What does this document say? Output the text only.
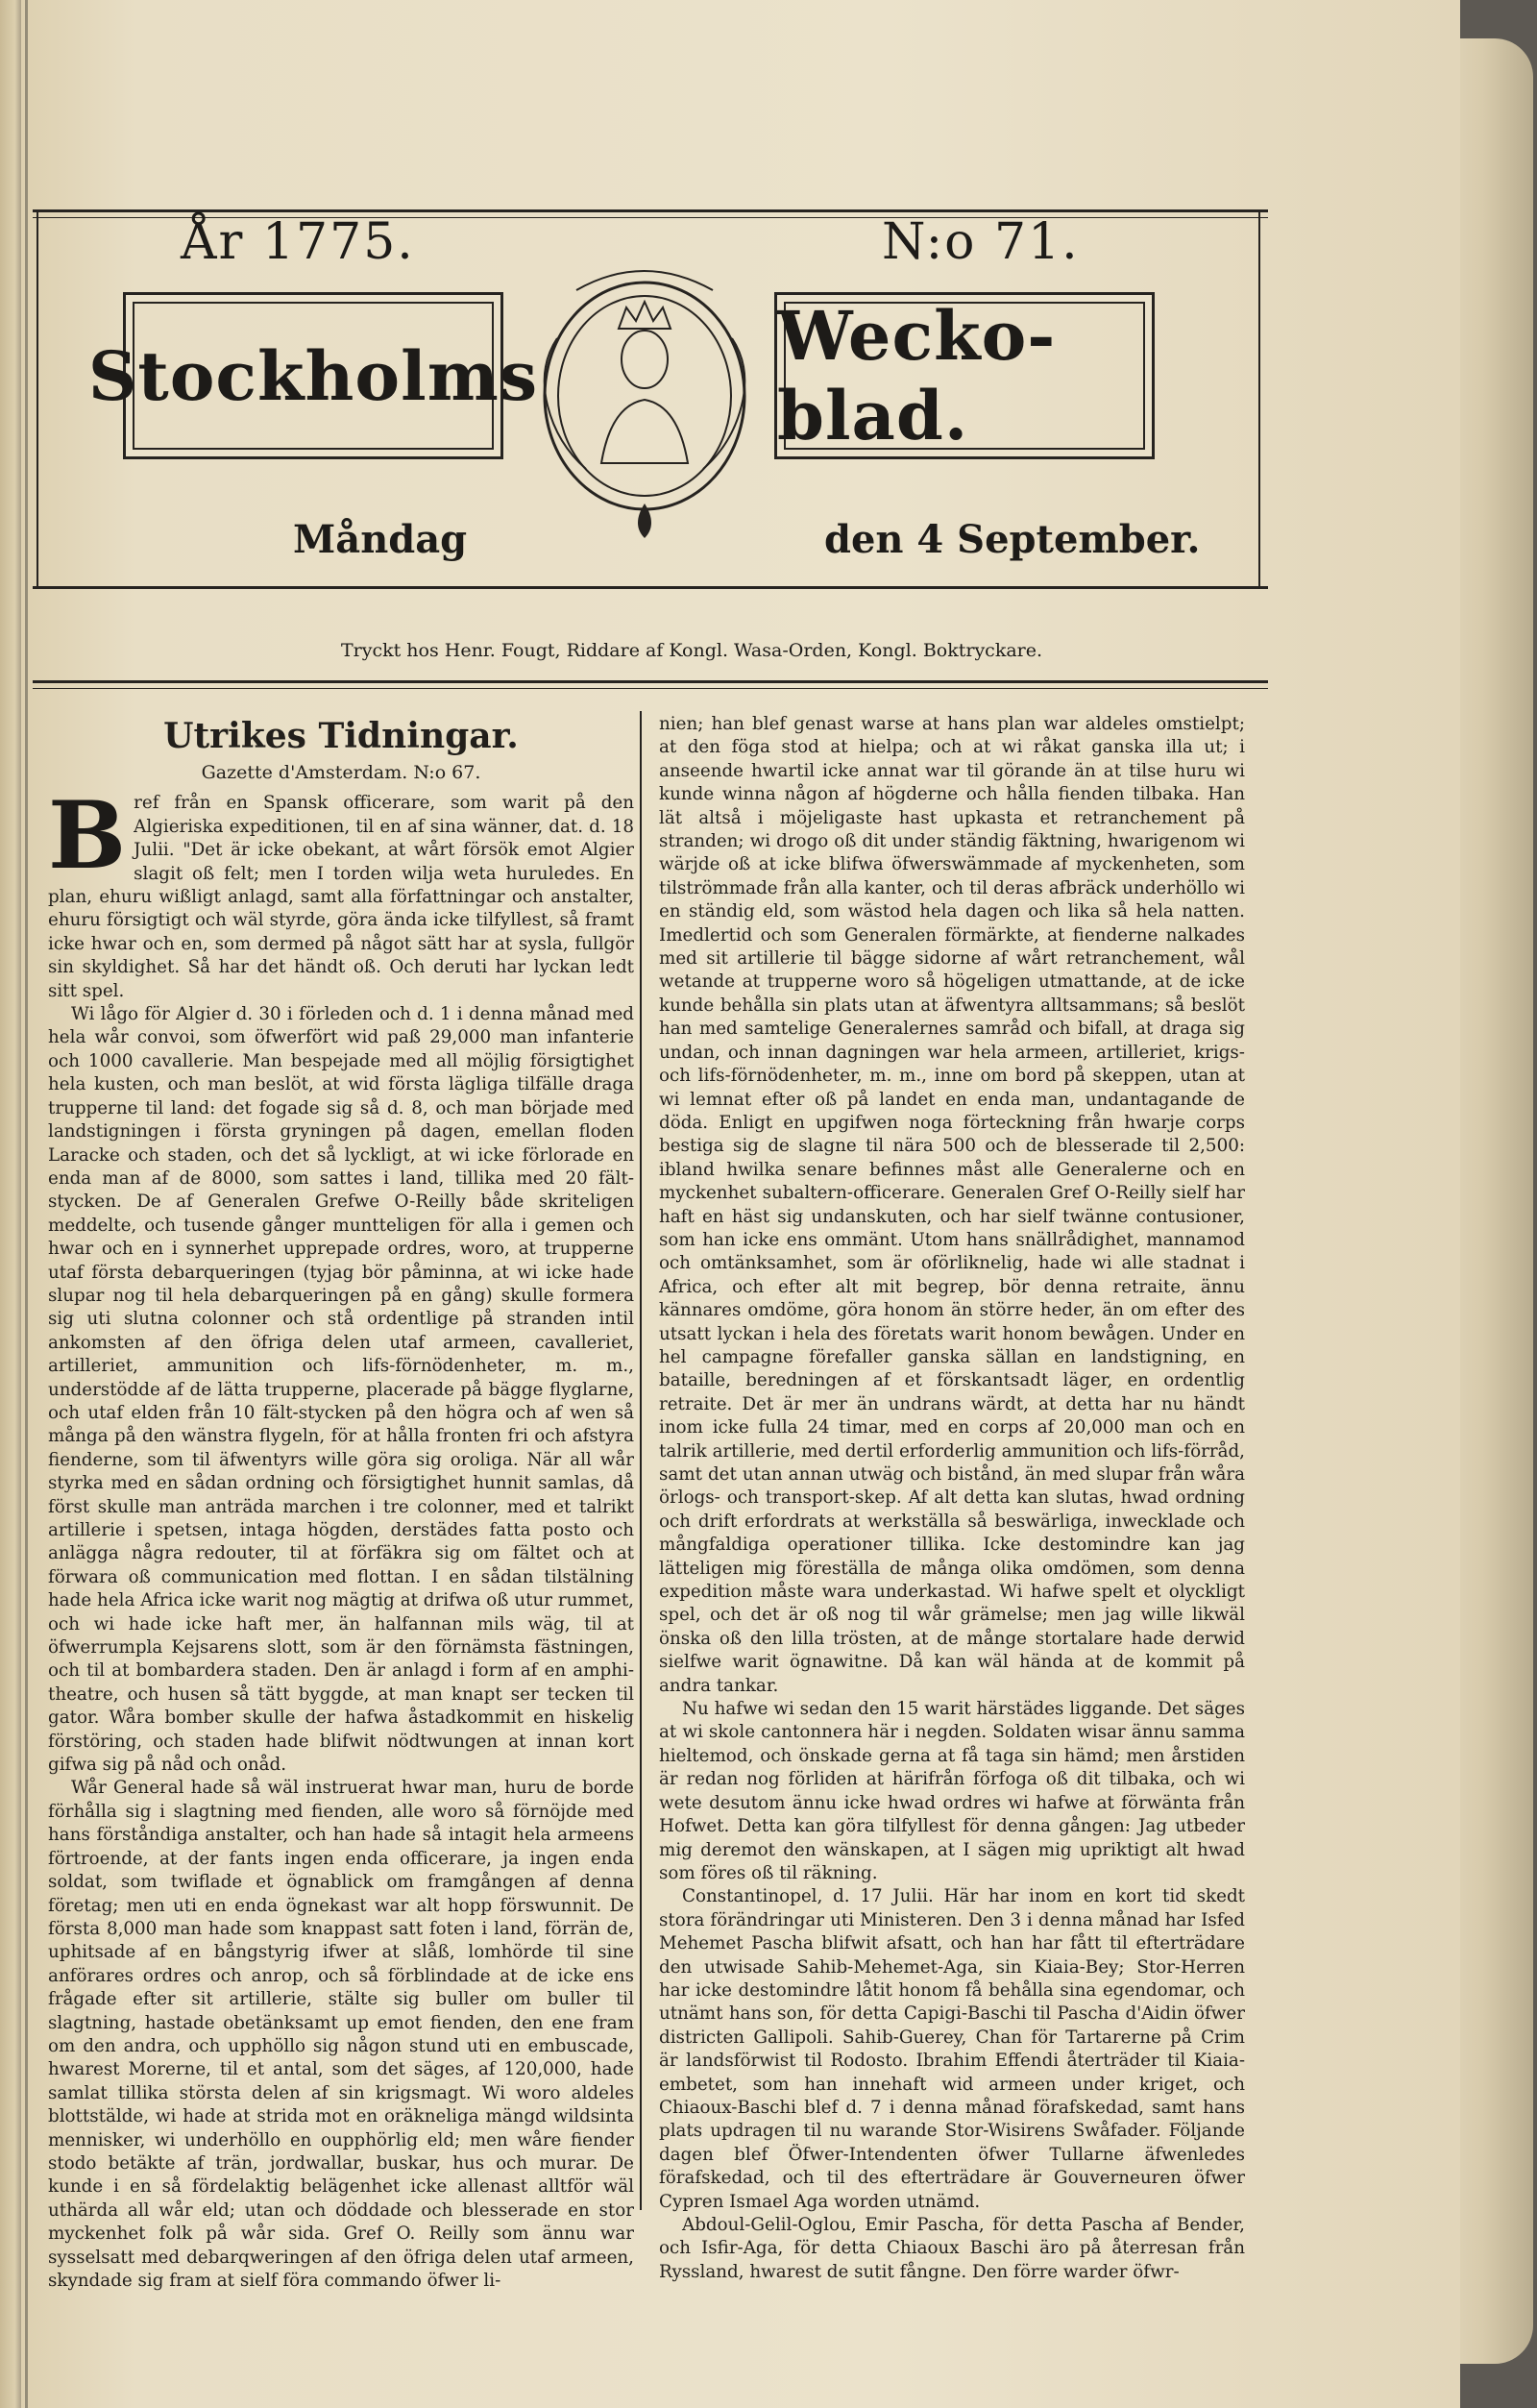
År 1775.	N:o 71.
Stockholms	Wecko-blad.
Måndag	den 4 September.
Tryckt hos Henr. Fougt, Riddare af Kongl. Wasa-Orden, Kongl. Boktryckare.
Utrikes Tidningar.
Gazette d'Amsterdam. N:o 67.

Bref från en Spansk officerare, som warit på den Algieriska expeditionen, til en af sina wänner, dat. d. 18 Julii. "Det är icke obekant, at wårt försök emot Algier slagit oß felt; men I torden wilja weta huruledes. En plan, ehuru wißligt anlagd, samt alla författningar och anstalter, ehuru försigtigt och wäl styrde, göra ända icke tilfyllest, så framt icke hwar och en, som dermed på något sätt har at sysla, fullgör sin skyldighet. Så har det händt oß. Och deruti har lyckan ledt sitt spel.

Wi lågo för Algier d. 30 i förleden och d. 1 i denna månad med hela wår convoi, som öfwerfört wid paß 29,000 man infanterie och 1000 cavallerie. Man bespejade med all möjlig försigtighet hela kusten, och man beslöt, at wid första lägliga tilfälle draga trupperne til land: det fogade sig så d. 8, och man började med landstigningen i första gryningen på dagen, emellan floden Laracke och staden, och det så lyckligt, at wi icke förlorade en enda man af de 8000, som sattes i land, tillika med 20 fält-stycken. De af Generalen Grefwe O-Reilly både skriteligen meddelte, och tusende gånger muntteligen för alla i gemen och hwar och en i synnerhet upprepade ordres, woro, at trupperne utaf första debarqueringen (tyjag bör påminna, at wi icke hade slupar nog til hela debarqueringen på en gång) skulle formera sig uti slutna colonner och stå ordentlige på stranden intil ankomsten af den öfriga delen utaf armeen, cavalleriet, artilleriet, ammunition och lifs-förnödenheter, m. m., understödde af de lätta trupperne, placerade på bägge flyglarne, och utaf elden från 10 fält-stycken på den högra och af wen så många på den wänstra flygeln, för at hålla fronten fri och afstyra fienderne, som til äfwentyrs wille göra sig oroliga. När all wår styrka med en sådan ordning och försigtighet hunnit samlas, då först skulle man anträda marchen i tre colonner, med et talrikt artillerie i spetsen, intaga högden, derstädes fatta posto och anlägga några redouter, til at förfäkra sig om fältet och at förwara oß communication med flottan. I en sådan tilstälning hade hela Africa icke warit nog mägtig at drifwa oß utur rummet, och wi hade icke haft mer, än halfannan mils wäg, til at öfwerrumpla Kejsarens slott, som är den förnämsta fästningen, och til at bombardera staden. Den är anlagd i form af en amphi-theatre, och husen så tätt byggde, at man knapt ser tecken til gator. Wåra bomber skulle der hafwa åstadkommit en hiskelig förstöring, och staden hade blifwit nödtwungen at innan kort gifwa sig på nåd och onåd.

Wår General hade så wäl instruerat hwar man, huru de borde förhålla sig i slagtning med fienden, alle woro så förnöjde med hans förståndiga anstalter, och han hade så intagit hela armeens förtroende, at der fants ingen enda officerare, ja ingen enda soldat, som twiflade et ögnablick om framgången af denna företag; men uti en enda ögnekast war alt hopp förswunnit. De första 8,000 man hade som knappast satt foten i land, förrän de, uphitsade af en bångstyrig ifwer at slåß, lomhörde til sine anförares ordres och anrop, och så förblindade at de icke ens frågade efter sit artillerie, stälte sig buller om buller til slagtning, hastade obetänksamt up emot fienden, den ene fram om den andra, och upphöllo sig någon stund uti en embuscade, hwarest Morerne, til et antal, som det säges, af 120,000, hade samlat tillika största delen af sin krigsmagt. Wi woro aldeles blottstälde, wi hade at strida mot en oräkneliga mängd wildsinta mennisker, wi underhöllo en oupphörlig eld; men wåre fiender stodo betäkte af trän, jordwallar, buskar, hus och murar. De kunde i en så fördelaktig belägenhet icke allenast alltför wäl uthärda all wår eld; utan och döddade och blesserade en stor myckenhet folk på wår sida. Gref O. Reilly som ännu war sysselsatt med debarqweringen af den öfriga delen utaf armeen, skyndade sig fram at sielf föra commando öfwer li-

nien; han blef genast warse at hans plan war aldeles omstielpt; at den föga stod at hielpa; och at wi råkat ganska illa ut; i anseende hwartil icke annat war til görande än at tilse huru wi kunde winna någon af högderne och hålla fienden tilbaka. Han lät altså i möjeligaste hast upkasta et retranchement på stranden; wi drogo oß dit under ständig fäktning, hwarigenom wi wärjde oß at icke blifwa öfwerswämmade af myckenheten, som tilströmmade från alla kanter, och til deras afbräck underhöllo wi en ständig eld, som wästod hela dagen och lika så hela natten. Imedlertid och som Generalen förmärkte, at fienderne nalkades med sit artillerie til bägge sidorne af wårt retranchement, wål wetande at trupperne woro så högeligen utmattande, at de icke kunde behålla sin plats utan at äfwentyra alltsammans; så beslöt han med samtelige Generalernes samråd och bifall, at draga sig undan, och innan dagningen war hela armeen, artilleriet, krigs- och lifs-förnödenheter, m. m., inne om bord på skeppen, utan at wi lemnat efter oß på landet en enda man, undantagande de döda. Enligt en upgifwen noga förteckning från hwarje corps bestiga sig de slagne til nära 500 och de blesserade til 2,500: ibland hwilka senare befinnes måst alle Generalerne och en myckenhet subaltern-officerare. Generalen Gref O-Reilly sielf har haft en häst sig undanskuten, och har sielf twänne contusioner, som han icke ens ommänt. Utom hans snällrådighet, mannamod och omtänksamhet, som är oförliknelig, hade wi alle stadnat i Africa, och efter alt mit begrep, bör denna retraite, ännu kännares omdöme, göra honom än större heder, än om efter des utsatt lyckan i hela des företats warit honom bewågen. Under en hel campagne förefaller ganska sällan en landstigning, en bataille, beredningen af et förskantsadt läger, en ordentlig retraite. Det är mer än undrans wärdt, at detta har nu händt inom icke fulla 24 timar, med en corps af 20,000 man och en talrik artillerie, med dertil erforderlig ammunition och lifs-förråd, samt det utan annan utwäg och bistånd, än med slupar från wåra örlogs- och transport-skep. Af alt detta kan slutas, hwad ordning och drift erfordrats at werkställa så beswärliga, inwecklade och mångfaldiga operationer tillika. Icke destomindre kan jag lätteligen mig föreställa de många olika omdömen, som denna expedition måste wara underkastad. Wi hafwe spelt et olyckligt spel, och det är oß nog til wår grämelse; men jag wille likwäl önska oß den lilla trösten, at de månge stortalare hade derwid sielfwe warit ögnawitne. Då kan wäl hända at de kommit på andra tankar.

Nu hafwe wi sedan den 15 warit härstädes liggande. Det säges at wi skole cantonnera här i negden. Soldaten wisar ännu samma hieltemod, och önskade gerna at få taga sin hämd; men årstiden är redan nog förliden at härifrån förfoga oß dit tilbaka, och wi wete desutom ännu icke hwad ordres wi hafwe at förwänta från Hofwet. Detta kan göra tilfyllest för denna gången: Jag utbeder mig deremot den wänskapen, at I sägen mig upriktigt alt hwad som föres oß til räkning.

Constantinopel, d. 17 Julii. Här har inom en kort tid skedt stora förändringar uti Ministeren. Den 3 i denna månad har Isfed Mehemet Pascha blifwit afsatt, och han har fått til efterträdare den utwisade Sahib-Mehemet-Aga, sin Kiaia-Bey; Stor-Herren har icke destomindre låtit honom få behålla sina egendomar, och utnämt hans son, för detta Capigi-Baschi til Pascha d'Aidin öfwer districten Gallipoli. Sahib-Guerey, Chan för Tartarerne på Crim är landsförwist til Rodosto. Ibrahim Effendi återträder til Kiaia-embetet, som han innehaft wid armeen under kriget, och Chiaoux-Baschi blef d. 7 i denna månad förafskedad, samt hans plats updragen til nu warande Stor-Wisirens Swåfader. Följande dagen blef Öfwer-Intendenten öfwer Tullarne äfwenledes förafskedad, och til des efterträdare är Gouverneuren öfwer Cypren Ismael Aga worden utnämd.

Abdoul-Gelil-Oglou, Emir Pascha, för detta Pascha af Bender, och Isfir-Aga, för detta Chiaoux Baschi äro på återresan från Ryssland, hwarest de sutit fångne. Den förre warder öfwr-
